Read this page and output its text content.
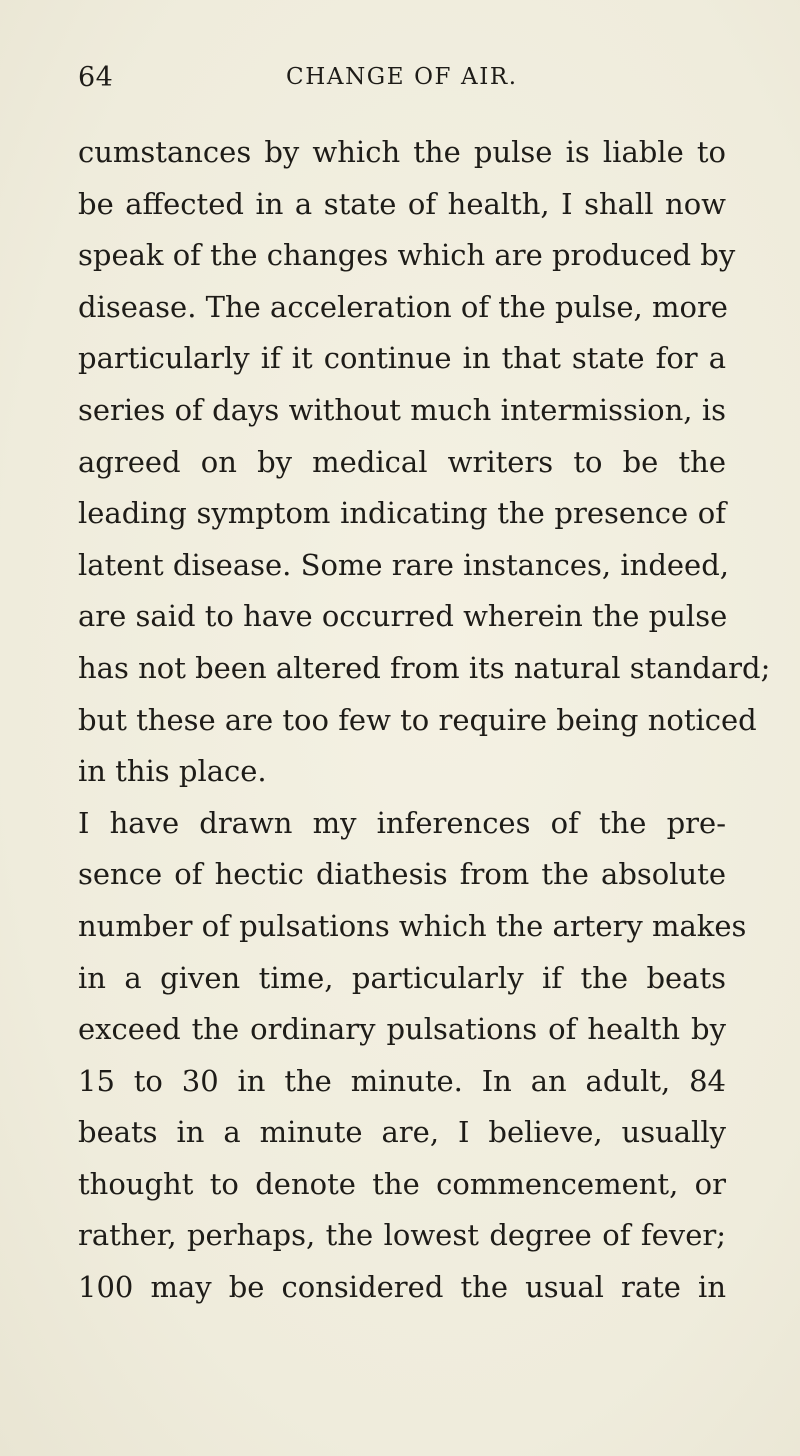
64	CHANGE OF AIR.
cumstances by which the pulse is liable to
be affected in a state of health, I shall now
speak of the changes which are produced by
disease. The acceleration of the pulse, more
particularly if it continue in that state for a
series of days without much intermission, is
agreed on by medical writers to be the
leading symptom indicating the presence of
latent disease. Some rare instances, indeed,
are said to have occurred wherein the pulse
has not been altered from its natural standard;
but these are too few to require being noticed
in this place.
I have drawn my inferences of the pre-
sence of hectic diathesis from the absolute
number of pulsations which the artery makes
in a given time, particularly if the beats
exceed the ordinary pulsations of health by
15 to 30 in the minute. In an adult, 84
beats in a minute are, I believe, usually
thought to denote the commencement, or
rather, perhaps, the lowest degree of fever;
100 may be considered the usual rate in
